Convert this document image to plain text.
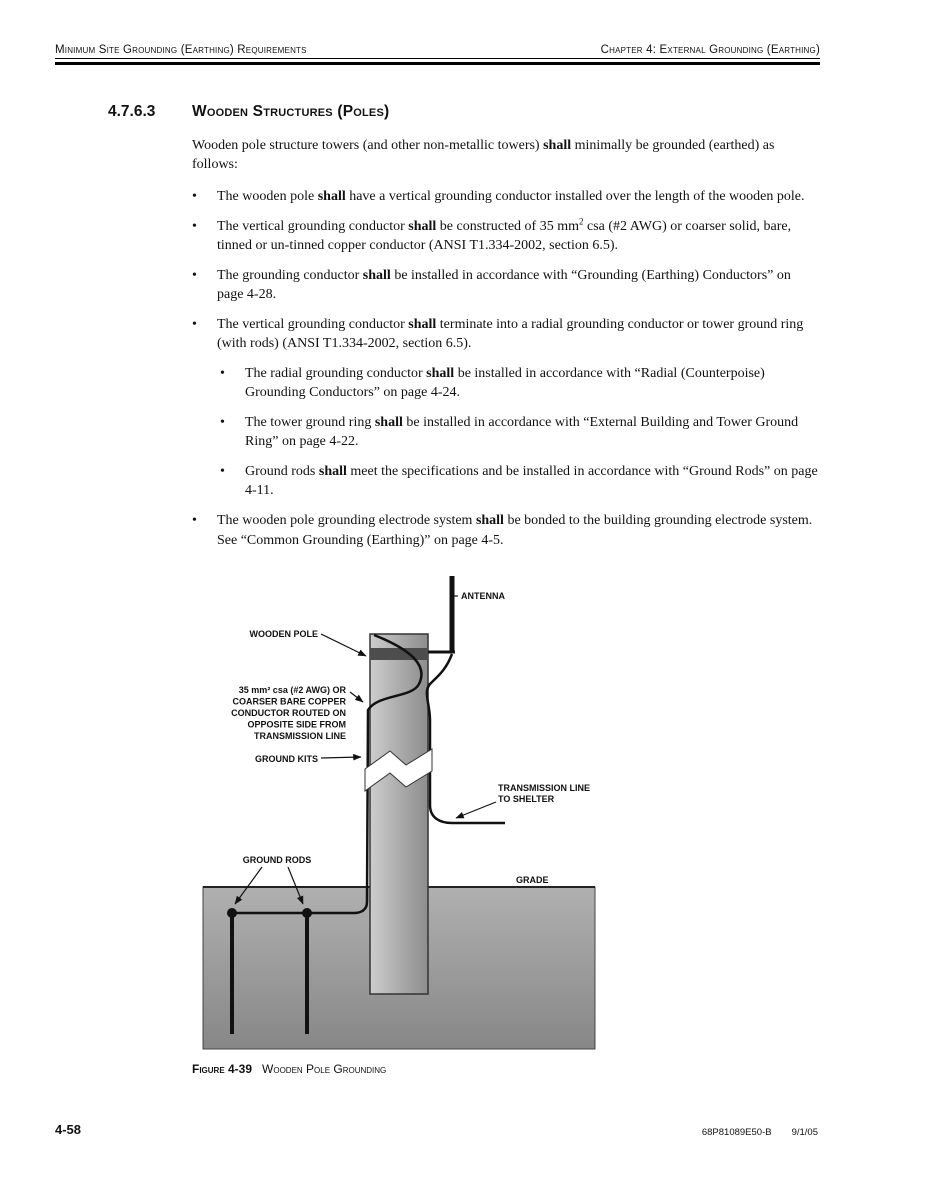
Minimum Site Grounding (Earthing) Requirements	Chapter 4: External Grounding (Earthing)
4.7.6.3	Wooden Structures (Poles)

Wooden pole structure towers (and other non-metallic towers) shall minimally be grounded (earthed) as follows:

•	The wooden pole shall have a vertical grounding conductor installed over the length of the wooden pole.
•	The vertical grounding conductor shall be constructed of 35 $mm^2$ csa (#2 AWG) or coarser solid, bare, tinned or un-tinned copper conductor (ANSI T1.334-2002, section 6.5).
•	The grounding conductor shall be installed in accordance with “Grounding (Earthing) Conductors” on page 4-28.
•	The vertical grounding conductor shall terminate into a radial grounding conductor or tower ground ring (with rods) (ANSI T1.334-2002, section 6.5).
•	The radial grounding conductor shall be installed in accordance with “Radial (Counterpoise) Grounding Conductors” on page 4-24.
•	The tower ground ring shall be installed in accordance with “External Building and Tower Ground Ring” on page 4-22.
•	Ground rods shall meet the specifications and be installed in accordance with “Ground Rods” on page 4-11.
•	The wooden pole grounding electrode system shall be bonded to the building grounding electrode system. See “Common Grounding (Earthing)” on page 4-5.
ANTENNA
WOODEN POLE
35 mm² csa (#2 AWG) OR
COARSER BARE COPPER
CONDUCTOR ROUTED ON
OPPOSITE SIDE FROM
TRANSMISSION LINE
GROUND KITS
TRANSMISSION LINE
TO SHELTER
GROUND RODS
GRADE
Figure 4-39 Wooden Pole Grounding
4-58	68P81089E50-B 9/1/05
